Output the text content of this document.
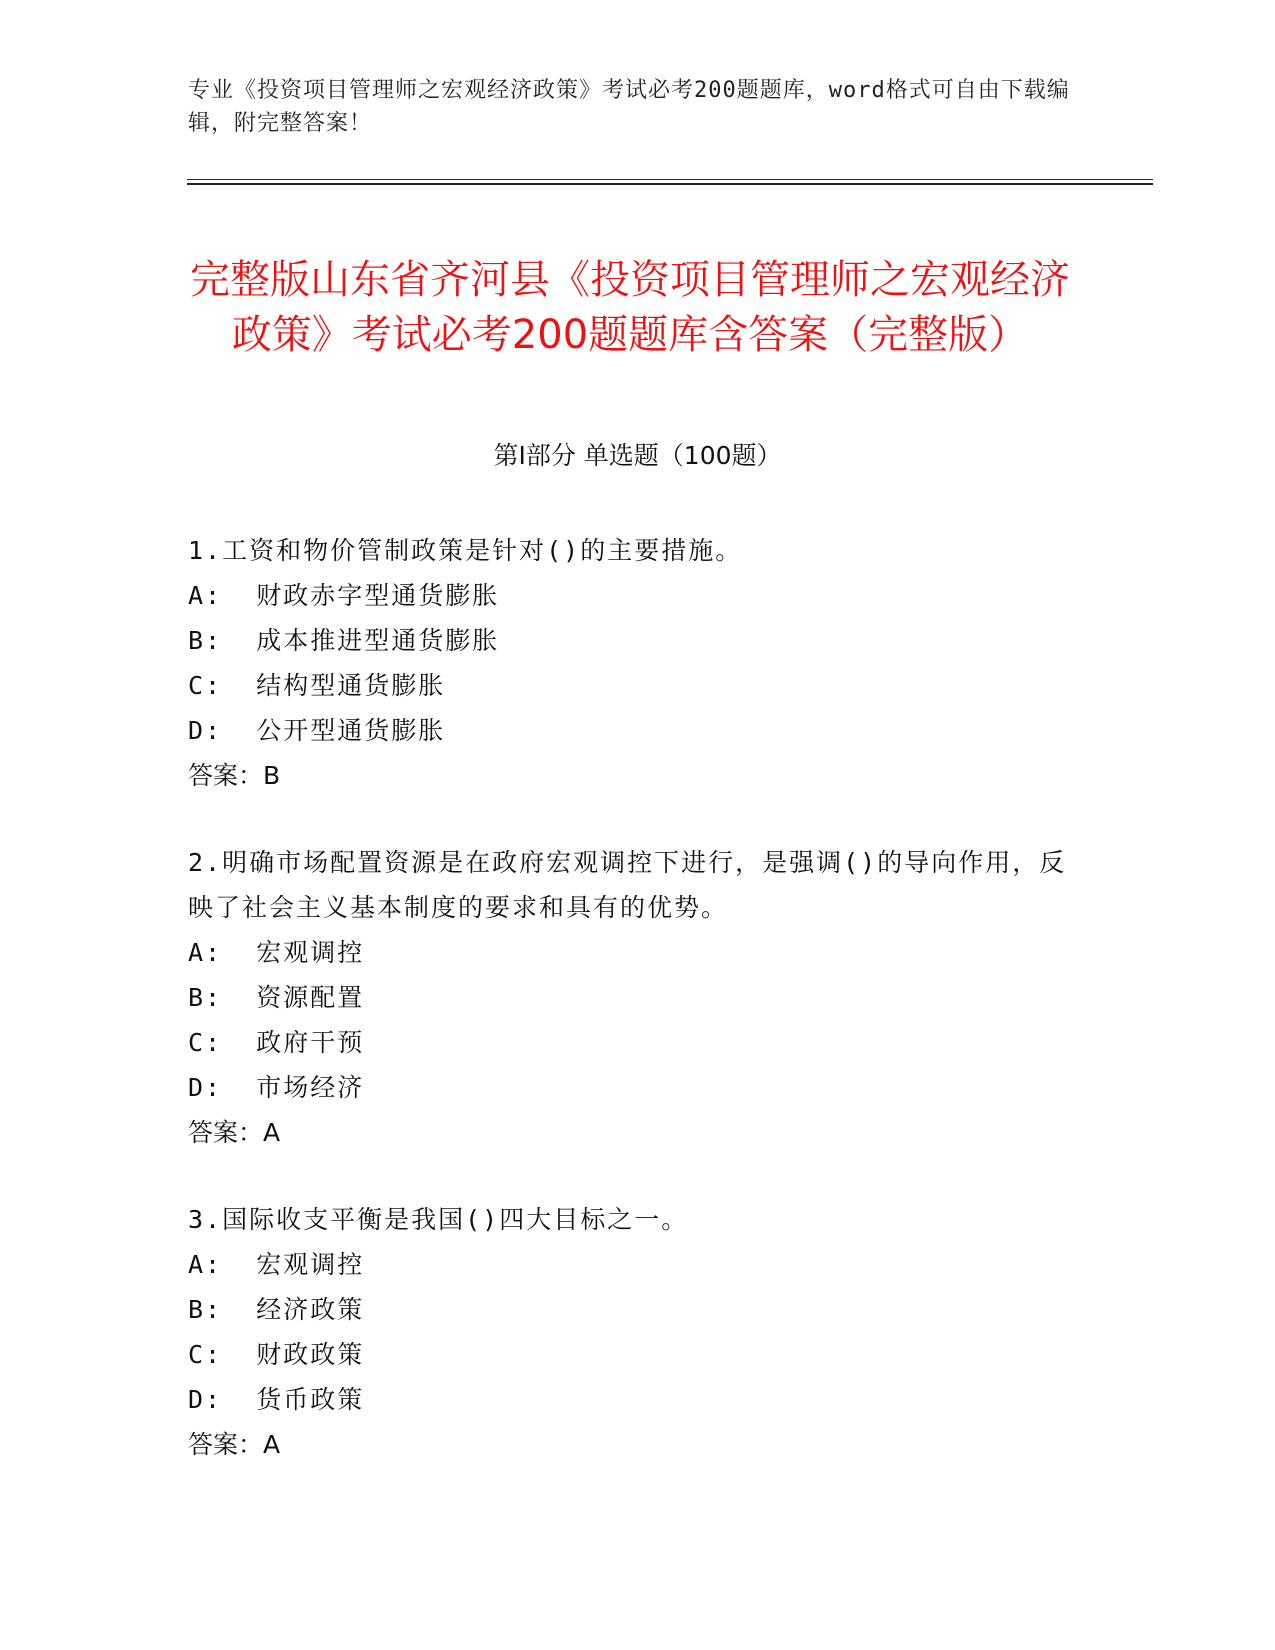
专业《投资项目管理师之宏观经济政策》考试必考200题题库，word格式可自由下载编辑，附完整答案！
完整版山东省齐河县《投资项目管理师之宏观经济政策》考试必考200题题库含答案（完整版）
第I部分 单选题（100题）
1.工资和物价管制政策是针对()的主要措施。
A:  财政赤字型通货膨胀
B:  成本推进型通货膨胀
C:  结构型通货膨胀
D:  公开型通货膨胀
答案：B
2.明确市场配置资源是在政府宏观调控下进行，是强调()的导向作用，反映了社会主义基本制度的要求和具有的优势。
A:  宏观调控
B:  资源配置
C:  政府干预
D:  市场经济
答案：A
3.国际收支平衡是我国()四大目标之一。
A:  宏观调控
B:  经济政策
C:  财政政策
D:  货币政策
答案：A
